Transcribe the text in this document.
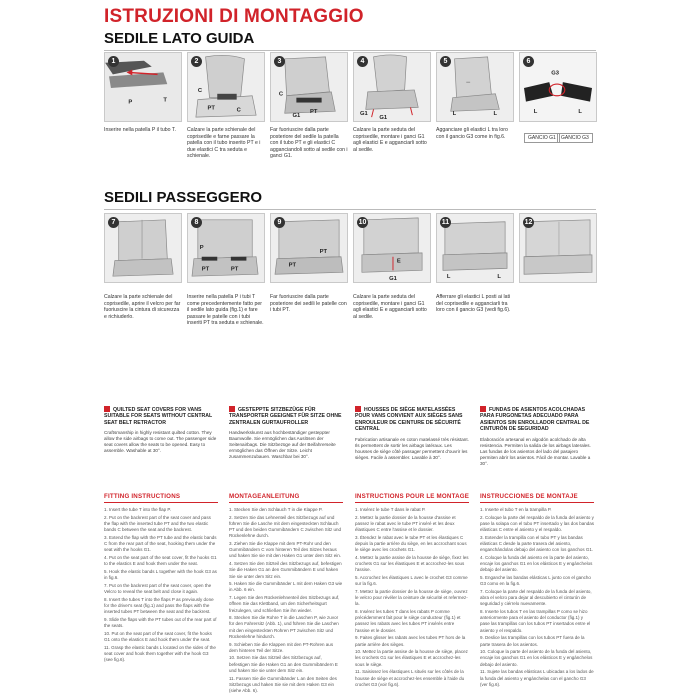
ISTRUZIONI DI MONTAGGIO
SEDILE LATO GUIDA
P	T
1
C
PT	C
2
C
PT
G1
3
G1
G1
4
L	L
5
G3
L	L
6
Inserire nella patella P il tubo T.	Calzare la parte schienale del coprisedile e farne passare la patella con il tubo inserito PT e i due elastici C tra seduta e schienale.
Far fuoriuscire dalla parte posteriore del sedile la patella con il tubo PT e gli elastici C agganciandoli sotto al sedile con i ganci G1.
Calzare la parte seduta del coprisedile, montare i ganci G1 agli elastici E e agganciarli sotto al sedile.
Agganciare gli elastici L tra loro con il gancio G3 come in fig.6.	GANCIO G1	GANCIO G3
SEDILI PASSEGGERO
7
P
PT	PT
8
PT
PT
9
E
G1
10
L	L
11	12
Calzare la parte schienale del coprisedile, aprire il velcro per far fuoriuscire la cintura di sicurezza e richiuderlo.
Inserire nella patella P i tubi T come precedentemente fatto per il sedile lato guida (fig.1) e fare passare le patelle con i tubi inseriti PT tra seduta e schienale.
Far fuoriuscire dalla parte posteriore dei sedili le patelle con i tubi PT.
Calzare la parte seduta del coprisedile, montare i ganci G1 agli elastici E e agganciarli sotto al sedile.
Afferrare gli elastici L posti ai lati del coprisedile e agganciarli tra loro con il gancio G3 (vedi fig.6).
QUILTED SEAT COVERS FOR VANS SUITABLE FOR SEATS WITHOUT CENTRAL SEAT BELT RETRACTOR
Craftsmanship in highly resistant quilted cotton. They allow the side airbags to come out. The passenger side seat covers allow the seats to be opened. Easy to assemble. Washable at 30°.
GESTEPPTE SITZBEZÜGE FÜR TRANSPORTER GEEIGNET FÜR SITZE OHNE ZENTRALEN GURTAUFROLLER
Handwerkskunst aus hochbeständiger gesteppter Baumwolle. Sie ermöglichen das Auslösen der Seitenairbags. Die Sitzbezüge auf der Beifahrerseite ermöglichen das Öffnen der Sitze. Leicht zusammenzubauen. Waschbar bei 30°.
HOUSSES DE SIÈGE MATELASSÉES POUR VANS CONVIENT AUX SIÈGES SANS ENROULEUR DE CEINTURE DE SÉCURITÉ CENTRAL
Fabrication artisanale en coton matelassé très résistant. Ils permettent de sortir les airbags latéraux. Les housses de siège côté passager permettent d'ouvrir les sièges. Facile à assembler. Lavable à 30°.
FUNDAS DE ASIENTOS ACOLCHADAS PARA FURGONETAS ADECUADO PARA ASIENTOS SIN ENROLLADOR CENTRAL DE CINTURÓN DE SEGURIDAD
Elaboración artesanal en algodón acolchado de alta resistencia. Permiten la salida de los airbags laterales. Las fundas de los asientos del lado del pasajero permiten abrir los asientos. Fácil de montar. Lavable a 30°.
FITTING INSTRUCTIONS

1. Insert the tube T into the flap P.

2. Put on the backrest part of the seat cover and pass the flap with the inserted tube PT and the two elastic bands C between the seat and the backrest.

3. Extend the flap with the PT tube and the elastic bands C from the rear part of the seat, hooking them under the seat with the hooks G1.

4. Put on the seat part of the seat cover, fit the hooks G1 to the elastics E and hook them under the seat.

5. Hook the elastic bands L together with the hook G3 as in fig.6.

7. Put on the backrest part of the seat cover, open the Velcro to reveal the seat belt and close it again.

8. Insert the tubes T into the flaps P as previously done for the driver's seat (fig.1) and pass the flaps with the inserted tubes PT between the seat and the backrest.

9. Slide the flaps with the PT tubes out of the rear part of the seats.

10. Put on the seat part of the seat cover, fit the hooks G1 onto the elastics E and hook them under the seat.

11. Grasp the elastic bands L located on the sides of the seat cover and hook them together with the hook G3 (see fig.6).

MONTAGEANLEITUNG

1. Stecken Sie den Schlauch T in die Klappe P.

2. Setzen Sie das Lehnenteil des Sitzbezugs auf und führen Sie die Lasche mit dem eingesteckten Schlauch PT und den beiden Gummibändern C zwischen Sitz und Rückenlehne durch.

3. Ziehen Sie die Klappe mit dem PT-Rohr und den Gummibändern C vom hinteren Teil des Sitzes heraus und haken Sie sie mit den Haken G1 unter dem Sitz ein.

4. Setzen Sie den Sitzteil des Sitzbezugs auf, befestigen Sie die Haken G1 an den Gummibändern E und haken Sie sie unter dem Sitz ein.

5. Haken Sie die Gummibänder L mit dem Haken G3 wie in Abb. 6 ein.

7. Legen Sie den Rückenlehnenteil des Sitzbezugs auf, öffnen Sie das Klettband, um den Sicherheitsgurt freizulegen, und schließen Sie ihn wieder.

8. Stecken Sie die Rohre T in die Laschen P, wie zuvor für den Fahrersitz (Abb. 1), und führen Sie die Laschen mit den eingesteckten Rohren PT zwischen Sitz und Rückenlehne hindurch.

9. Schieben Sie die Klappen mit den PT-Rohren aus dem hinteren Teil der Sitze.

10. Setzen Sie das Sitzteil des Sitzbezugs auf, befestigen Sie die Haken G1 an den Gummibändern E und haken Sie sie unter dem Sitz ein.

11. Fassen Sie die Gummibänder L an den Seiten des Sitzbezugs und haken Sie sie mit dem Haken G3 ein (siehe Abb. 6).

INSTRUCTIONS POUR LE MONTAGE

1. Insérez le tube T dans le rabat P.

2. Mettez la partie dossier de la housse d'assise et passez le rabat avec le tube PT inséré et les deux élastiques C entre l'assise et le dossier.

3. Étendez le rabat avec le tube PT et les élastiques C depuis la partie arrière du siège, en les accrochant sous le siège avec les crochets G1.

4. Mettez la partie assise de la housse de siège, fixez les crochets G1 sur les élastiques E et accrochez-les sous l'assise.

5. Accrochez les élastiques L avec le crochet G3 comme sur la fig.6.

7. Mettez la partie dossier de la housse de siège, ouvrez le velcro pour révéler la ceinture de sécurité et refermez-la.

8. Insérez les tubes T dans les rabats P comme précédemment fait pour le siège conducteur (fig.1) et passez les rabats avec les tubes PT insérés entre l'assise et le dossier.

9. Faites glisser les rabats avec les tubes PT hors de la partie arrière des sièges.

10. Mettez la partie assise de la housse de siège, placez les crochets G1 sur les élastiques E et accrochez-les sous le siège.

11. Saisissez les élastiques L situés sur les côtés de la housse de siège et accrochez-les ensemble à l'aide du crochet G3 (voir fig.6).

INSTRUCCIONES DE MONTAJE

1. Inserte el tubo T en la trampilla P.

2. Coloque la parte del respaldo de la funda del asiento y pase la solapa con el tubo PT insertado y las dos bandas elásticas C entre el asiento y el respaldo.

3. Extender la trampilla con el tubo PT y las bandas elásticas C desde la parte trasera del asiento, enganchándolas debajo del asiento con los ganchos G1.

4. Coloque la funda del asiento en la parte del asiento, encaje los ganchos G1 en los elásticos E y engánchelos debajo del asiento.

5. Enganche las bandas elásticas L junto con el gancho G3 como en la fig.6.

7. Coloque la parte del respaldo de la funda del asiento, abra el velcro para dejar al descubierto el cinturón de seguridad y ciérrelo nuevamente.

8. Inserte los tubos T en las trampillas P como se hizo anteriormente para el asiento del conductor (fig.1) y pase las trampillas con los tubos PT insertados entre el asiento y el respaldo.

9. Deslice las trampillas con los tubos PT fuera de la parte trasera de los asientos.

10. Coloque la parte del asiento de la funda del asiento, encaje los ganchos G1 en los elásticos E y engánchelos debajo del asiento.

11. Sujete las bandas elásticas L ubicadas a los lados de la funda del asiento y engánchelas con el gancho G3 (ver fig.6).
